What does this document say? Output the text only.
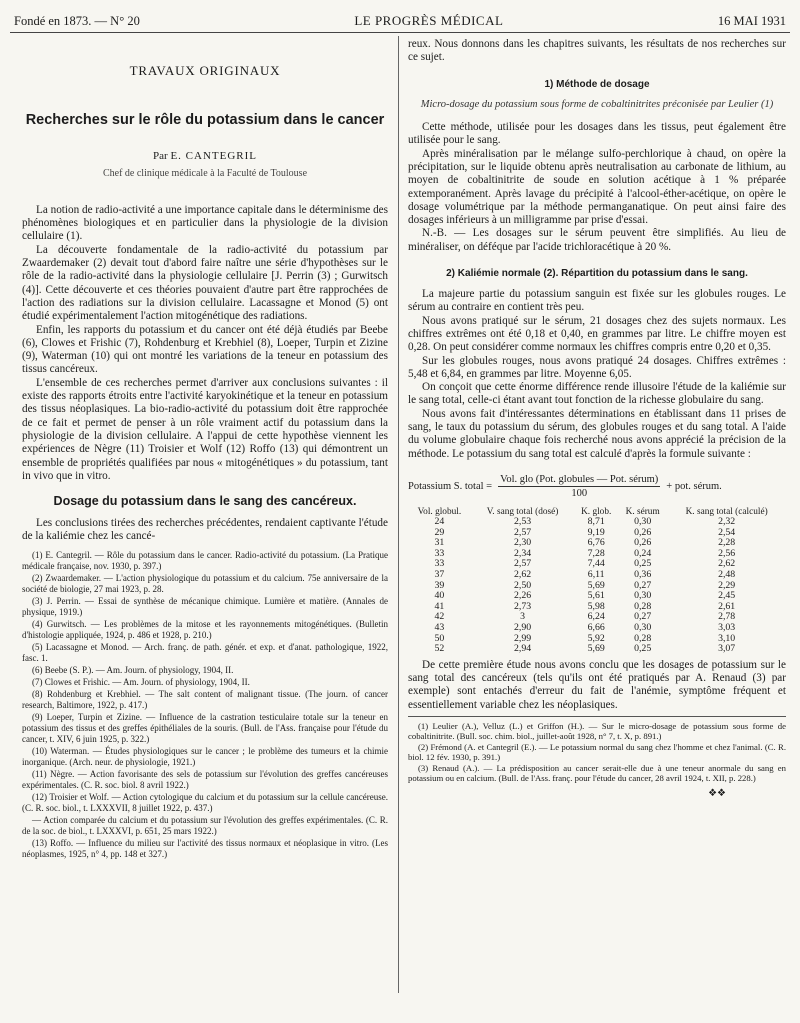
Fondé en 1873. — N° 20	LE PROGRÈS MÉDICAL	16 MAI 1931
TRAVAUX ORIGINAUX
Recherches sur le rôle du potassium dans le cancer
Par E. CANTEGRIL
Chef de clinique médicale à la Faculté de Toulouse

La notion de radio-activité a une importance capitale dans le déterminisme des phénomènes biologiques et en particulier dans la physiologie de la division cellulaire (1).

La découverte fondamentale de la radio-activité du potassium par Zwaardemaker (2) devait tout d'abord faire naître une série d'hypothèses sur le rôle de la radio-activité dans la physiologie cellulaire [J. Perrin (3) ; Gurwitsch (4)]. Cette découverte et ces théories pouvaient d'autre part être rapprochées de l'action des radiations sur la division cellulaire. Lacassagne et Monod (5) ont étudié expérimentalement l'action mitogénétique des radiations.

Enfin, les rapports du potassium et du cancer ont été déjà étudiés par Beebe (6), Clowes et Frishic (7), Rohdenburg et Krebhiel (8), Loeper, Turpin et Zizine (9), Waterman (10) qui ont montré les variations de la teneur en potassium des tissus cancéreux.

L'ensemble de ces recherches permet d'arriver aux conclusions suivantes : il existe des rapports étroits entre l'activité karyokinétique et la teneur en potassium des tissus néoplasiques. La bio-radio-activité du potassium doit être rapprochée de ce fait et permet de penser à un rôle vraiment actif du potassium dans la physiologie de la division cellulaire. A l'appui de cette hypothèse viennent les expériences de Nègre (11) Troisier et Wolf (12) Roffo (13) qui démontrent un ensemble de propriétés qualifiées par nous « mitogénétiques » du potassium, tant in vivo que in vitro.

Dosage du potassium dans le sang des cancéreux.

Les conclusions tirées des recherches précédentes, rendaient captivante l'étude de la kaliémie chez les cancé-

(1) E. Cantegril. — Rôle du potassium dans le cancer. Radio-activité du potassium. (La Pratique médicale française, nov. 1930, p. 397.)

(2) Zwaardemaker. — L'action physiologique du potassium et du calcium. 75e anniversaire de la société de biologie, 27 mai 1923, p. 28.

(3) J. Perrin. — Essai de synthèse de mécanique chimique. Lumière et matière. (Annales de physique, 1919.)

(4) Gurwitsch. — Les problèmes de la mitose et les rayonnements mitogénétiques. (Bulletin d'histologie appliquée, 1924, p. 486 et 1928, p. 210.)

(5) Lacassagne et Monod. — Arch. franç. de path. génér. et exp. et d'anat. pathologique, 1922, fasc. 1.

(6) Beebe (S. P.). — Am. Journ. of physiology, 1904, II.

(7) Clowes et Frishic. — Am. Journ. of physiology, 1904, II.

(8) Rohdenburg et Krebhiel. — The salt content of malignant tissue. (The journ. of cancer research, Baltimore, 1922, p. 417.)

(9) Loeper, Turpin et Zizine. — Influence de la castration testiculaire totale sur la teneur en potassium des tissus et des greffes épithéliales de la souris. (Bull. de l'Ass. française pour l'étude du cancer, t. XIV, 6 juin 1925, p. 322.)

(10) Waterman. — Études physiologiques sur le cancer ; le problème des tumeurs et la chimie inorganique. (Arch. neur. de physiologie, 1921.)

(11) Nègre. — Action favorisante des sels de potassium sur l'évolution des greffes cancéreuses expérimentales. (C. R. soc. biol. 8 avril 1922.)

(12) Troisier et Wolf. — Action cytologique du calcium et du potassium sur la cellule cancéreuse. (C. R. soc. biol., t. LXXXVII, 8 juillet 1922, p. 437.)

— Action comparée du calcium et du potassium sur l'évolution des greffes expérimentales. (C. R. de la soc. de biol., t. LXXXVI, p. 651, 25 mars 1922.)

(13) Roffo. — Influence du milieu sur l'activité des tissus normaux et néoplasique in vitro. (Les néoplasmes, 1925, n° 4, pp. 148 et 327.)

reux. Nous donnons dans les chapitres suivants, les résultats de nos recherches sur ce sujet.

1) Méthode de dosage
Micro-dosage du potassium sous forme de cobaltinitrites préconisée par Leulier (1)

Cette méthode, utilisée pour les dosages dans les tissus, peut également être utilisée pour le sang.

Après minéralisation par le mélange sulfo-perchlorique à chaud, on opère la précipitation, sur le liquide obtenu après neutralisation au carbonate de lithium, au moyen de cobaltinitrite de soude en solution acétique à 1 % préparée extemporanément. Après lavage du précipité à l'alcool-éther-acétique, on opère le dosage volumétrique par la méthode permanganatique. On peut ainsi faire des dosages inférieurs à un milligramme par prise d'essai.

N.-B. — Les dosages sur le sérum peuvent être simplifiés. Au lieu de minéraliser, on déféque par l'acide trichloracétique à 20 %.

2) Kaliémie normale (2). Répartition du potassium dans le sang.

La majeure partie du potassium sanguin est fixée sur les globules rouges. Le sérum au contraire en contient très peu.

Nous avons pratiqué sur le sérum, 21 dosages chez des sujets normaux. Les chiffres extrêmes ont été 0,18 et 0,40, en grammes par litre. Le chiffre moyen est 0,28. On peut considérer comme normaux les chiffres compris entre 0,20 et 0,35.

Sur les globules rouges, nous avons pratiqué 24 dosages. Chiffres extrêmes : 5,48 et 6,84, en grammes par litre. Moyenne 6,05.

On conçoit que cette énorme différence rende illusoire l'étude de la kaliémie sur le sang total, celle-ci étant avant tout fonction de la richesse globulaire du sang.

Nous avons fait d'intéressantes déterminations en établissant dans 11 prises de sang, le taux du potassium du sérum, des globules rouges et du sang total. A l'aide du volume globulaire chaque fois recherché nous avons apprécié la précision de la méthode. Le potassium du sang total est calculé d'après la formule suivante :

Potassium S. total = $\frac{\text{Vol. glo (Pot. globules — Pot. sérum)}}{100}$ + pot. sérum.
Vol. globul.	V. sang total (dosé)	K. glob.	K. sérum	K. sang total (calculé)
24	2,53	8,71	0,30	2,32
29	2,57	9,19	0,26	2,54
31	2,30	6,76	0,26	2,28
33	2,34	7,28	0,24	2,56
33	2,57	7,44	0,25	2,62
37	2,62	6,11	0,36	2,48
39	2,50	5,69	0,27	2,29
40	2,26	5,61	0,30	2,45
41	2,73	5,98	0,28	2,61
42	3	6,24	0,27	2,78
43	2,90	6,66	0,30	3,03
50	2,99	5,92	0,28	3,10
52	2,94	5,69	0,25	3,07

De cette première étude nous avons conclu que les dosages de potassium sur le sang total des cancéreux (tels qu'ils ont été pratiqués par A. Renaud (3) par exemple) sont entachés d'erreur du fait de l'anémie, symptôme fréquent et essentiellement variable chez les néoplasiques.

(1) Leulier (A.), Velluz (L.) et Griffon (H.). — Sur le micro-dosage de potassium sous forme de cobaltinitrite. (Bull. soc. chim. biol., juillet-août 1928, n° 7, t. X, p. 891.)

(2) Frémond (A. et Cantegril (E.). — Le potassium normal du sang chez l'homme et chez l'animal. (C. R. biol. 12 fév. 1930, p. 391.)

(3) Renaud (A.). — La prédisposition au cancer serait-elle due à une teneur anormale du sang en potassium ou en calcium. (Bull. de l'Ass. franç. pour l'étude du cancer, 28 avril 1924, t. XII, p. 228.)

❖❖
